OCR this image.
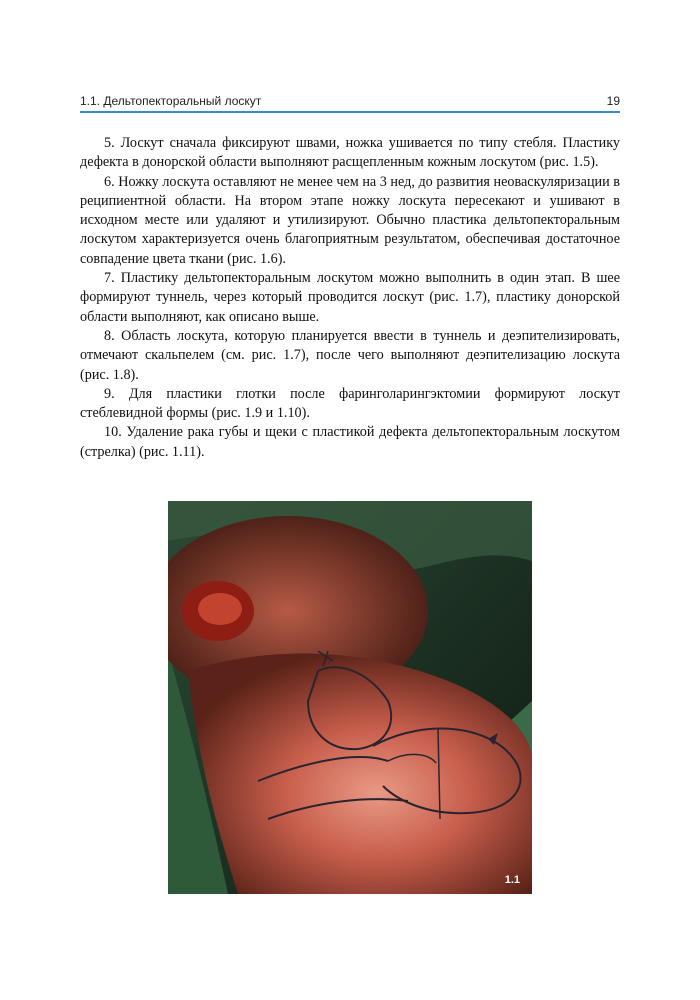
1.1. Дельтопекторальный лоскут	19

5. Лоскут сначала фиксируют швами, ножка ушивается по типу стебля. Пластику дефекта в донорской области выполняют расщепленным кожным лоскутом (рис. 1.5).

6. Ножку лоскута оставляют не менее чем на 3 нед, до развития неоваскуляризации в реципиентной области. На втором этапе ножку лоскута пересекают и ушивают в исходном месте или удаляют и утилизируют. Обычно пластика дельтопекторальным лоскутом характеризуется очень благоприятным результатом, обеспечивая достаточное совпадение цвета ткани (рис. 1.6).

7. Пластику дельтопекторальным лоскутом можно выполнить в один этап. В шее формируют туннель, через который проводится лоскут (рис. 1.7), пластику донорской области выполняют, как описано выше.

8. Область лоскута, которую планируется ввести в туннель и деэпителизировать, отмечают скальпелем (см. рис. 1.7), после чего выполняют деэпителизацию лоскута (рис. 1.8).

9. Для пластики глотки после фаринголарингэктомии формируют лоскут стеблевидной формы (рис. 1.9 и 1.10).

10. Удаление рака губы и щеки с пластикой дефекта дельтопекторальным лоскутом (стрелка) (рис. 1.11).

1.1
